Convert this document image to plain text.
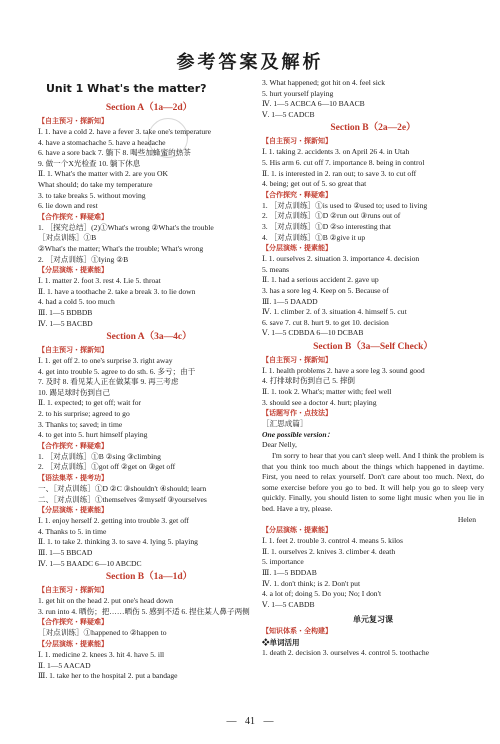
参考答案及解析
Unit 1 What's the matter?
Section A（1a—2d）
【自主预习・探新知】
Ⅰ. 1. have a cold 2. have a fever 3. take one's temperature
4. have a stomachache 5. have a headache
6. have a sore back 7. 躺下 8. 喝些加蜂蜜的热茶
9. 做一个X光检查 10. 躺下休息
Ⅱ. 1. What's the matter with 2. are you OK
What should; do take my temperature
3. to take breaks 5. without moving
6. lie down and rest
【合作探究・释疑难】
1. ［探究总结］(2)①What's wrong ②What's the trouble
［对点训练］①B
②What's the matter; What's the trouble; What's wrong
2. ［对点训练］①lying ②B
【分层演练・提素能】
Ⅰ. 1. matter 2. foot 3. rest 4. Lie 5. throat
Ⅱ. 1. have a toothache 2. take a break 3. to lie down
4. had a cold 5. too much
Ⅲ. 1—5 BDBDB
Ⅳ. 1—5 BACBD
Section A（3a—4c）
【自主预习・探新知】
Ⅰ. 1. get off 2. to one's surprise 3. right away
4. get into trouble 5. agree to do sth. 6. 多亏；由于
7. 及时 8. 看见某人正在做某事 9. 再三考虑
10. 踢足球时伤到自己
Ⅱ. 1. expected; to get off; wait for
2. to his surprise; agreed to go
3. Thanks to; saved; in time
4. to get into 5. hurt himself playing
【合作探究・释疑难】
1. ［对点训练］①B ②sing ③climbing
2. ［对点训练］①got off ②get on ③get off
【语法集萃・提考功】
一、［对点训练］①D ②C ③shouldn't ④should; learn
二、［对点训练］①themselves ②myself ③yourselves
【分层演练・提素能】
Ⅰ. 1. enjoy herself 2. getting into trouble 3. get off
4. Thanks to 5. in time
Ⅱ. 1. to take 2. thinking 3. to save 4. lying 5. playing
Ⅲ. 1—5 BBCAD
Ⅳ. 1—5 BAADC 6—10 ABCDC
Section B（1a—1d）
【自主预习・探新知】
1. get hit on the head 2. put one's head down
3. run into 4. 晒伤；把……晒伤 5. 感到不适 6. 捏住某人鼻子两侧
【合作探究・释疑难】
［对点训练］①happened to ②happen to
【分层演练・提素能】
Ⅰ. 1. medicine 2. knees 3. hit 4. have 5. ill
Ⅱ. 1—5 AACAD
Ⅲ. 1. take her to the hospital 2. put a bandage
3. What happened; got hit on 4. feel sick
5. hurt yourself playing
Ⅳ. 1—5 ACBCA 6—10 BAACB
Ⅴ. 1—5 CADCB
Section B（2a—2e）
【自主预习・探新知】
Ⅰ. 1. taking 2. accidents 3. on April 26 4. in Utah
5. His arm 6. cut off 7. importance 8. being in control
Ⅱ. 1. is interested in 2. ran out; to save 3. to cut off
4. being; get out of 5. so great that
【合作探究・释疑难】
1. ［对点训练］①is used to ②used to; used to living
2. ［对点训练］①D ②run out ③runs out of
3. ［对点训练］①D ②so interesting that
4. ［对点训练］①B ②give it up
【分层演练・提素能】
Ⅰ. 1. ourselves 2. situation 3. importance 4. decision
5. means
Ⅱ. 1. had a serious accident 2. gave up
3. has a sore leg 4. Keep on 5. Because of
Ⅲ. 1—5 DAADD
Ⅳ. 1. climber 2. of 3. situation 4. himself 5. cut
6. save 7. cut 8. hurt 9. to get 10. decision
Ⅴ. 1—5 CDBDA 6—10 DCBAB
Section B（3a—Self Check）
【自主预习・探新知】
Ⅰ. 1. health problems 2. have a sore leg 3. sound good
4. 打排球时伤到自己 5. 摔倒
Ⅱ. 1. took 2. What's; matter with; feel well
3. should see a doctor 4. hurt; playing
【话题写作・点技法】
［汇思成篇］
One possible version：
Dear Nelly,
I'm sorry to hear that you can't sleep well. And I think the problem is that you think too much about the things which happened in daytime. First, you need to relax yourself. Don't care about too much. Next, do some exercise before you go to bed. It will help you go to sleep very quickly. Finally, you should listen to some light music when you lie in bed. Have a try, please.
Helen
【分层演练・提素能】
Ⅰ. 1. feet 2. trouble 3. control 4. means 5. kilos
Ⅱ. 1. ourselves 2. knives 3. climber 4. death
5. importance
Ⅲ. 1—5 BDDAB
Ⅳ. 1. don't think; is 2. Don't put
4. a lot of; doing 5. Do you; No; I don't
Ⅴ. 1—5 CABDB
单元复习课
【知识体系・全构建】
❖单词活用
1. death 2. decision 3. ourselves 4. control 5. toothache
— 41 —
